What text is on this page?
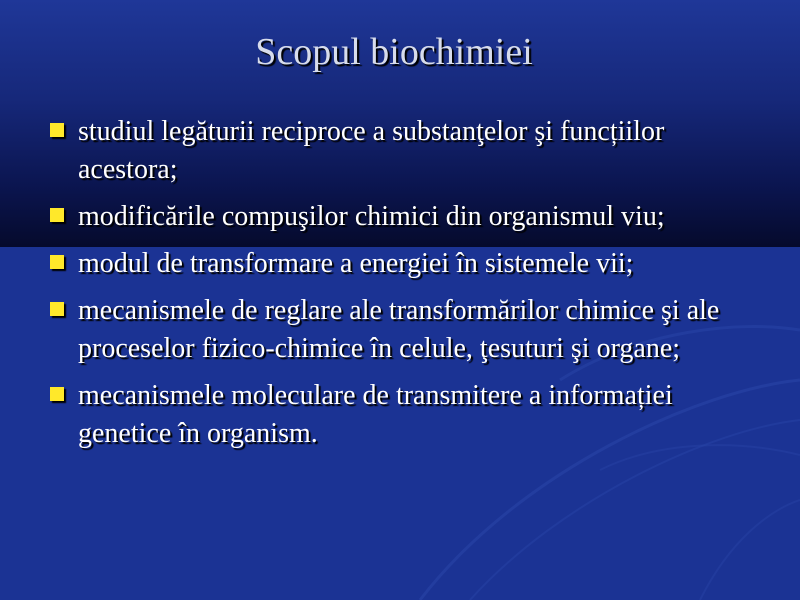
Scopul biochimiei
studiul legăturii reciproce a substanţelor şi funcțiilor acestora;
modificările compuşilor chimici din organismul viu;
modul de transformare a energiei în sistemele vii;
mecanismele de reglare ale transformărilor chimice şi ale proceselor fizico-chimice în celule, ţesuturi şi organe;
mecanismele moleculare de transmitere a informației genetice în organism.
